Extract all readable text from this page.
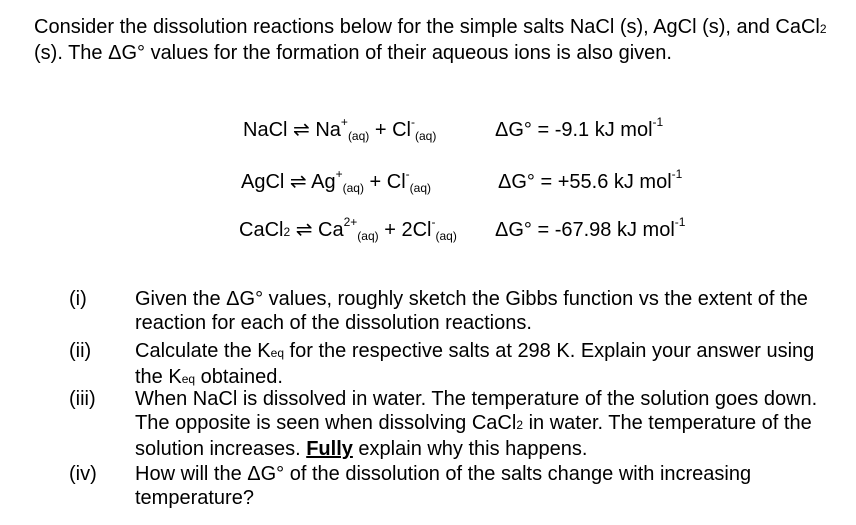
Consider the dissolution reactions below for the simple salts NaCl (s), AgCl (s), and CaCl2 (s). The ΔG° values for the formation of their aqueous ions is also given.
NaCl ⇌ $Na^+_{(aq)} + Cl^-_{(aq)}$	ΔG° = -9.1 kJ mol$^{-1}$
AgCl ⇌ $Ag^+_{(aq)} + Cl^-_{(aq)}$	ΔG° = +55.6 kJ mol$^{-1}$
CaCl2 ⇌ $Ca^{2+}_{(aq)} + 2Cl^-_{(aq)}$ ΔG° = -67.98 kJ mol$^{-1}$
(i) Given the ΔG° values, roughly sketch the Gibbs function vs the extent of the reaction for each of the dissolution reactions.
(ii) Calculate the Keq for the respective salts at 298 K. Explain your answer using the Keq obtained.
(iii) When NaCl is dissolved in water. The temperature of the solution goes down. The opposite is seen when dissolving CaCl2 in water. The temperature of the solution increases. Fully explain why this happens.
(iv) How will the ΔG° of the dissolution of the salts change with increasing temperature?
